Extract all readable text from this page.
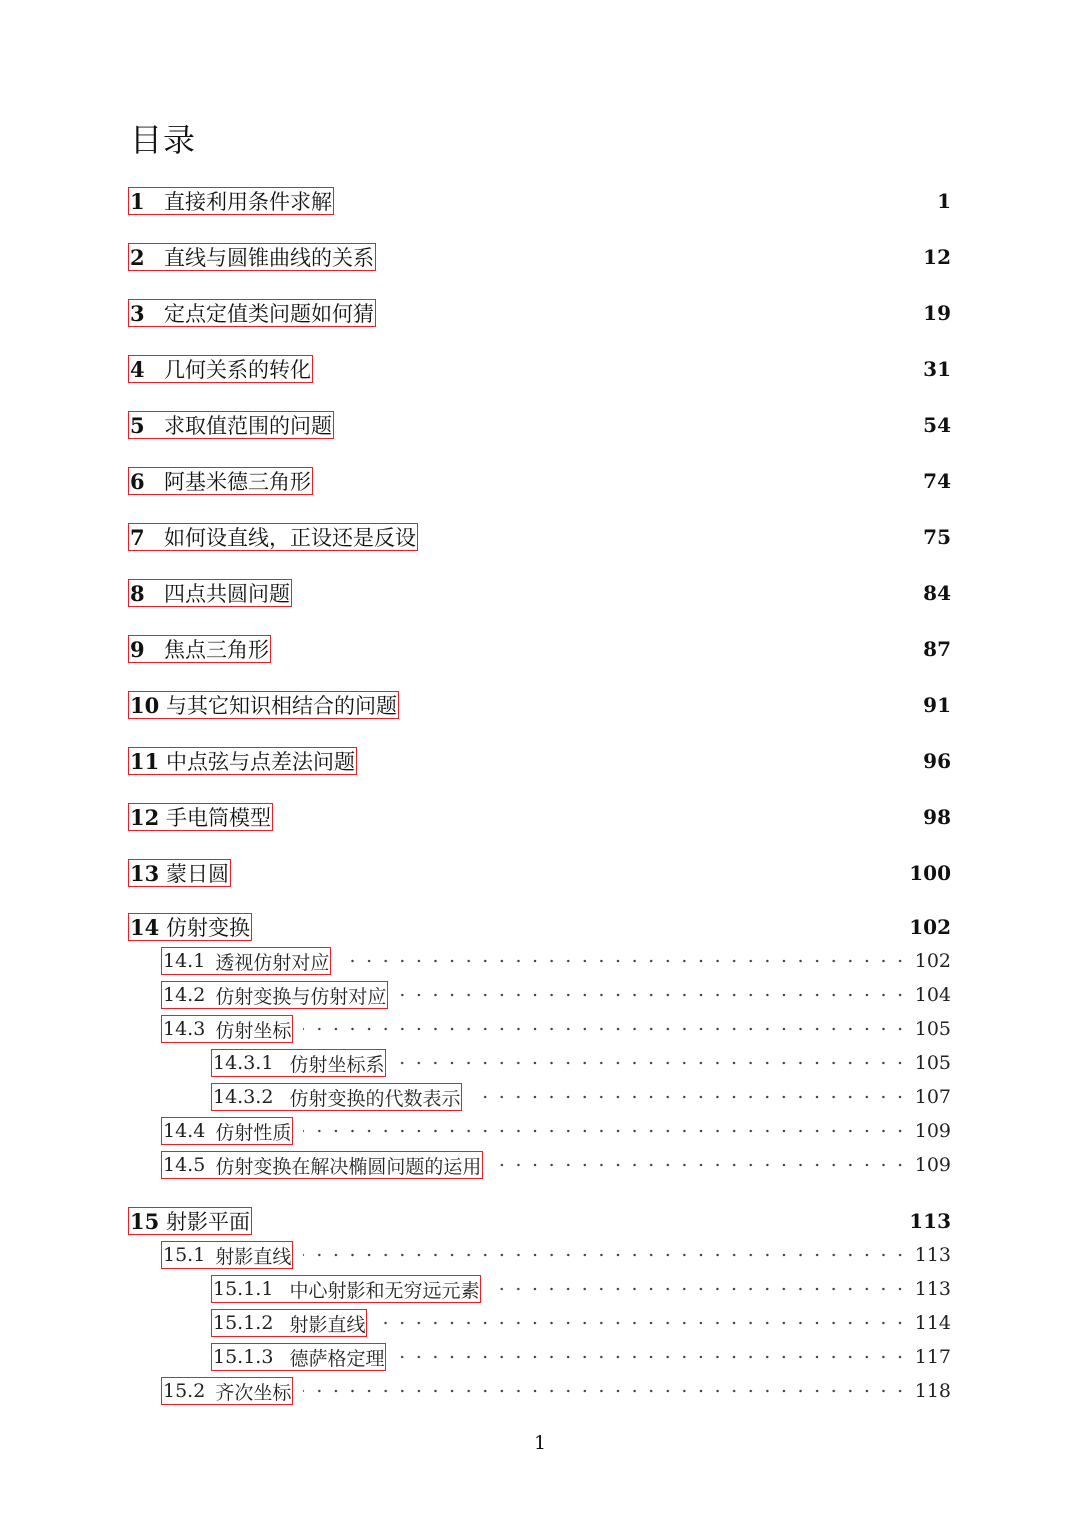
目录
1 直接利用条件求解	1
2 直线与圆锥曲线的关系	12
3 定点定值类问题如何猜	19
4 几何关系的转化	31
5 求取值范围的问题	54
6 阿基米德三角形	74
7 如何设直线，正设还是反设	75
8 四点共圆问题	84
9 焦点三角形	87
10 与其它知识相结合的问题	91
11 中点弦与点差法问题	96
12 手电筒模型	98
13 蒙日圆	100
14 仿射变换	102
14.1 透视仿射对应	102
14.2 仿射变换与仿射对应	104
14.3 仿射坐标	105
14.3.1 仿射坐标系	105
14.3.2 仿射变换的代数表示	107
14.4 仿射性质	109
14.5 仿射变换在解决椭圆问题的运用	109
15 射影平面	113
15.1 射影直线	113
15.1.1 中心射影和无穷远元素	113
15.1.2 射影直线	114
15.1.3 德萨格定理	117
15.2 齐次坐标	118
1
